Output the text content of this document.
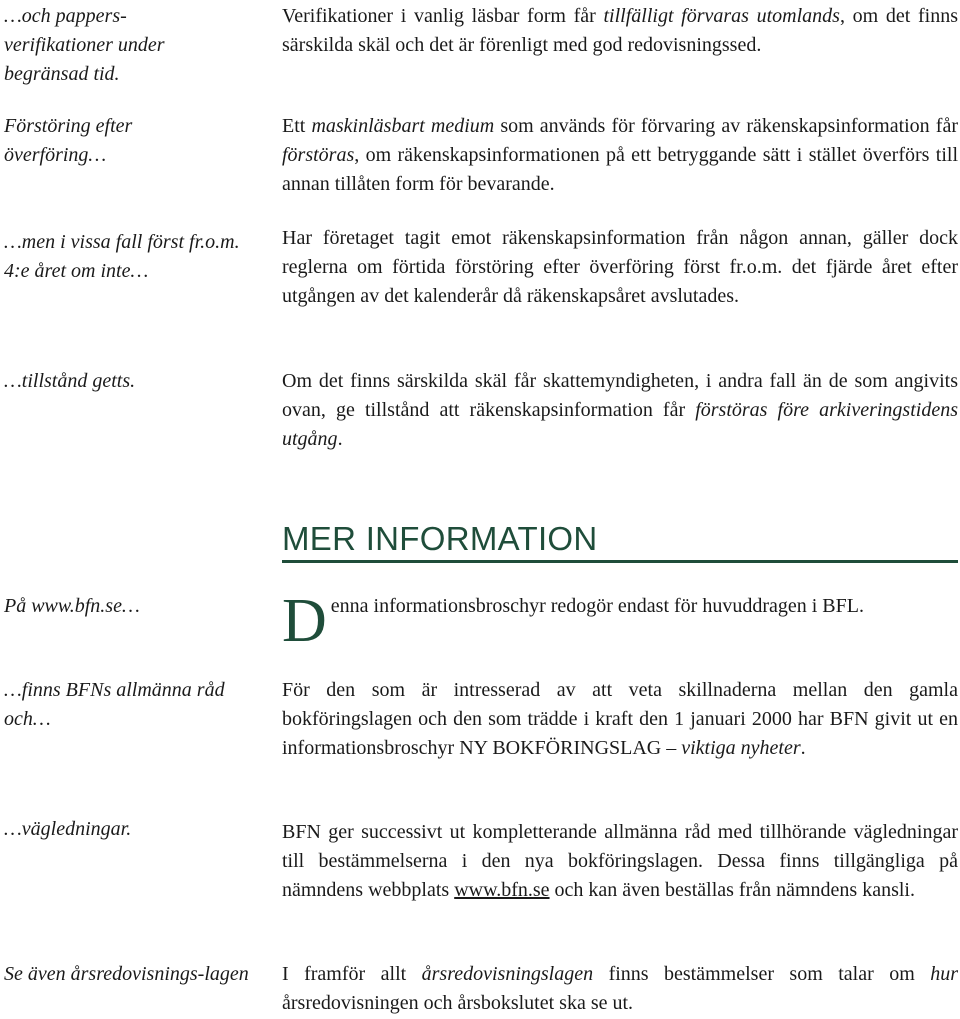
…och pappers-verifikationer under begränsad tid.

Förstöring efter överföring…

…men i vissa fall först fr.o.m. 4:e året om inte…

…tillstånd getts.

På www.bfn.se…

…finns BFNs allmänna råd och…

…vägledningar.

Se även årsredovisnings-lagen

Verifikationer i vanlig läsbar form får tillfälligt förvaras utomlands, om det finns särskilda skäl och det är förenligt med god redovisningssed.

Ett maskinläsbart medium som används för förvaring av räkenskapsinformation får förstöras, om räkenskapsinformationen på ett betryggande sätt i stället överförs till annan tillåten form för bevarande.

Har företaget tagit emot räkenskapsinformation från någon annan, gäller dock reglerna om förtida förstöring efter överföring först fr.o.m. det fjärde året efter utgången av det kalenderår då räkenskapsåret avslutades.

Om det finns särskilda skäl får skattemyndigheten, i andra fall än de som angivits ovan, ge tillstånd att räkenskapsinformation får förstöras före arkiveringstidens utgång.

MER INFORMATION

Denna informationsbroschyr redogör endast för huvuddragen i BFL.

För den som är intresserad av att veta skillnaderna mellan den gamla bokföringslagen och den som trädde i kraft den 1 januari 2000 har BFN givit ut en informationsbroschyr NY BOKFÖRINGSLAG – viktiga nyheter.

BFN ger successivt ut kompletterande allmänna råd med tillhörande vägledningar till bestämmelserna i den nya bokföringslagen. Dessa finns tillgängliga på nämndens webbplats www.bfn.se och kan även beställas från nämndens kansli.

I framför allt årsredovisningslagen finns bestämmelser som talar om hur årsredovisningen och årsbokslutet ska se ut.
